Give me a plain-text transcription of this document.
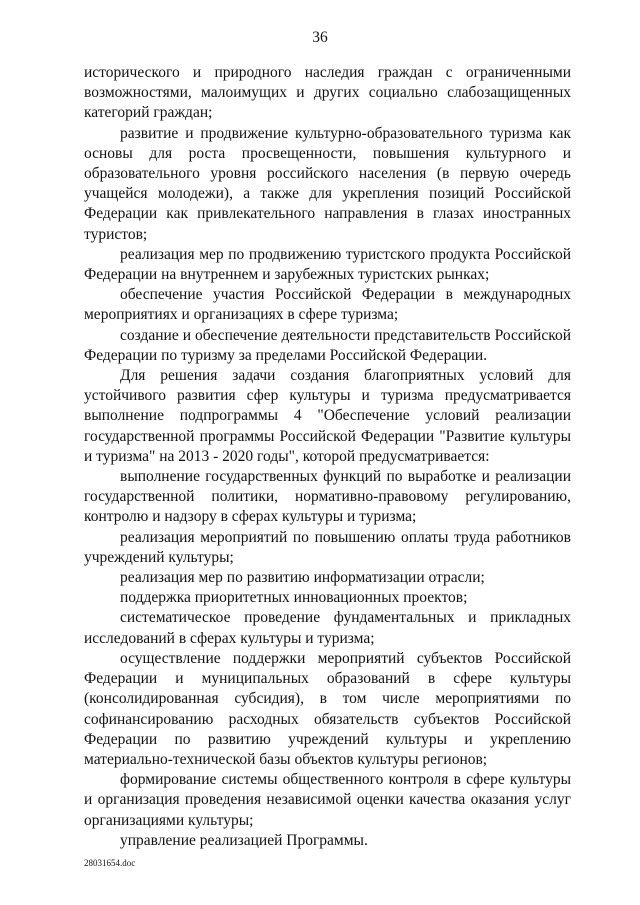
36

исторического и природного наследия граждан с ограниченными возможностями, малоимущих и других социально слабозащищенных категорий граждан;

развитие и продвижение культурно-образовательного туризма как основы для роста просвещенности, повышения культурного и образовательного уровня российского населения (в первую очередь учащейся молодежи), а также для укрепления позиций Российской Федерации как привлекательного направления в глазах иностранных туристов;

реализация мер по продвижению туристского продукта Российской Федерации на внутреннем и зарубежных туристских рынках;

обеспечение участия Российской Федерации в международных мероприятиях и организациях в сфере туризма;

создание и обеспечение деятельности представительств Российской Федерации по туризму за пределами Российской Федерации.

Для решения задачи создания благоприятных условий для устойчивого развития сфер культуры и туризма предусматривается выполнение подпрограммы 4 "Обеспечение условий реализации государственной программы Российской Федерации "Развитие культуры и туризма" на 2013 - 2020 годы", которой предусматривается:

выполнение государственных функций по выработке и реализации государственной политики, нормативно-правовому регулированию, контролю и надзору в сферах культуры и туризма;

реализация мероприятий по повышению оплаты труда работников учреждений культуры;

реализация мер по развитию информатизации отрасли;

поддержка приоритетных инновационных проектов;

систематическое проведение фундаментальных и прикладных исследований в сферах культуры и туризма;

осуществление поддержки мероприятий субъектов Российской Федерации и муниципальных образований в сфере культуры (консолидированная субсидия), в том числе мероприятиями по софинансированию расходных обязательств субъектов Российской Федерации по развитию учреждений культуры и укреплению материально-технической базы объектов культуры регионов;

формирование системы общественного контроля в сфере культуры и организация проведения независимой оценки качества оказания услуг организациями культуры;

управление реализацией Программы.

28031654.doc
